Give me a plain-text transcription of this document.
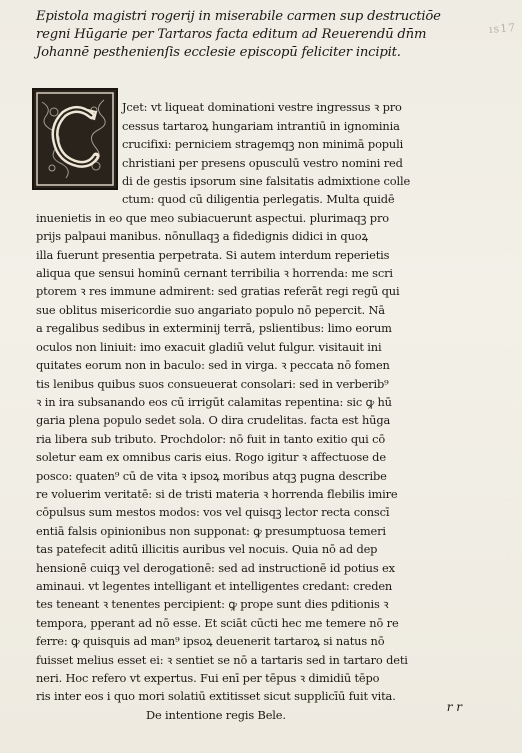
ıs17
Epistola magistri rogerij in miserabile carmen sup destructiōe
regni Hūgarie per Tartaros facta editum ad Reuerendū dn̄m
Johannē pesthenienſis ecclesie episcopū feliciter incipit.
Jcet: vt liqueat dominationi vestre ingressus ꝛ pro
cessus tartaroꝝ hungariam intrantiū in ignominia
crucifixi: perniciem stragemqꝫ non minimā populi
christiani per presens opusculū vestro nomini red
di de gestis ipsorum sine falsitatis admixtione colle
ctum: quod cū diligentia perlegatis. Multa quidē
inuenietis in eo que meo subiacuerunt aspectui. plurimaqꝫ pro
prijs palpaui manibus. nōnullaqꝫ a fidedignis didici in quoꝝ
illa fuerunt presentia perpetrata. Si autem interdum reperietis
aliqua que sensui hominū cernant terribilia ꝛ horrenda: me scri
ptorem ꝛ res immune admirent: sed gratias referāt regi regū qui
sue oblitus misericordie suo angariato populo nō pepercit. Nā
a regalibus sedibus in exterminij terrā, pslientibus: limo eorum
oculos non liniuit: imo exacuit gladiū velut fulgur. visitauit ini
quitates eorum non in baculo: sed in virga. ꝛ peccata nō fomen
tis lenibus quibus suos consueuerat consolari: sed in verberib⁹
ꝛ in ira subsanando eos cū irrigūt calamitas repentina: sic ꝙ hū
garia plena populo sedet sola. O dira crudelitas. facta est hūga
ria libera sub tributo. Prochdolor: nō fuit in tanto exitio qui cō
soletur eam ex omnibus caris eius. Rogo igitur ꝛ affectuose de
posco: quaten⁹ cū de vita ꝛ ipsoꝝ moribus atqꝫ pugna describe
re voluerim veritatē: si de tristi materia ꝛ horrenda flebilis imire
cōpulsus sum mestos modos: vos vel quisqꝫ lector recta conscī
entiā falsis opinionibus non supponat: ꝙ presumptuosa temeri
tas patefecit aditū illicitis auribus vel nocuis. Quia nō ad dep
hensionē cuiqꝫ vel derogationē: sed ad instructionē id potius ex
aminaui. vt legentes intelligant et intelligentes credant: creden
tes teneant ꝛ tenentes percipient: ꝙ prope sunt dies pditionis ꝛ
tempora, pperant ad nō esse. Et sciāt cūcti hec me temere nō re
ferre: ꝙ quisquis ad man⁹ ipsoꝝ deuenerit tartaroꝝ si natus nō
fuisset melius esset ei: ꝛ sentiet se nō a tartaris sed in tartaro deti
neri. Hoc refero vt expertus. Fui enī per tēpus ꝛ dimidiū tēpo
ris inter eos i quo mori solatiū extitisset sicut supplicīū fuit vita.
De intentione regis Bele.
r r
